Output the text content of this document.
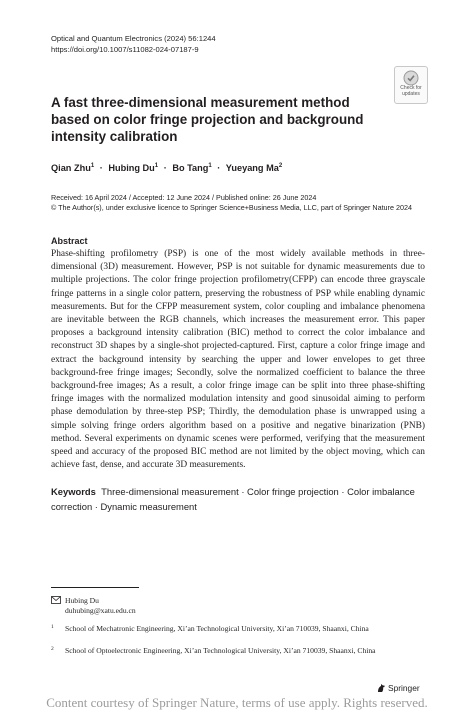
Optical and Quantum Electronics (2024) 56:1244
https://doi.org/10.1007/s11082-024-07187-9
Check for
updates
A fast three-dimensional measurement method based on color fringe projection and background intensity calibration
Qian Zhu$^1$ · Hubing $Du^1 \cdot Bo$ Tang$^1$ · Yueyang Ma$^2$
Received: 16 April 2024 / Accepted: 12 June 2024 / Published online: 26 June 2024
© The Author(s), under exclusive licence to Springer Science+Business Media, LLC, part of Springer Nature 2024
Abstract
Phase-shifting profilometry (PSP) is one of the most widely available methods in three-dimensional (3D) measurement. However, PSP is not suitable for dynamic measurements due to multiple projections. The color fringe projection profilometry(CFPP) can encode three grayscale fringe patterns in a single color pattern, preserving the robustness of PSP while enabling dynamic measurements. But for the CFPP measurement system, color coupling and imbalance phenomena are inevitable between the RGB channels, which increases the measurement error. This paper proposes a background intensity calibration (BIC) method to correct the color imbalance and reconstruct 3D shapes by a single-shot projected-captured. First, capture a color fringe image and extract the background intensity by searching the upper and lower envelopes to get three background-free fringe images; Secondly, solve the normalized coefficient to balance the three background-free images; As a result, a color fringe image can be split into three phase-shifting fringe images with the normalized modulation intensity and good sinusoidal aiming to perform phase demodulation by three-step PSP; Thirdly, the demodulation phase is unwrapped using a simple solving fringe orders algorithm based on a positive and negative binarization (PNB) method. Several experiments on dynamic scenes were performed, verifying that the measurement speed and accuracy of the proposed BIC method are not limited by the object moving, which can achieve fast, dense, and accurate 3D measurements.
Keywords Three-dimensional measurement · Color fringe projection · Color imbalance correction · Dynamic measurement
Hubing Du
duhubing@xatu.edu.cn
1 School of Mechatronic Engineering, Xi’an Technological University, Xi’an 710039, Shaanxi, China
2 School of Optoelectronic Engineering, Xi’an Technological University, Xi’an 710039, Shaanxi, China
Springer
Content courtesy of Springer Nature, terms of use apply. Rights reserved.
